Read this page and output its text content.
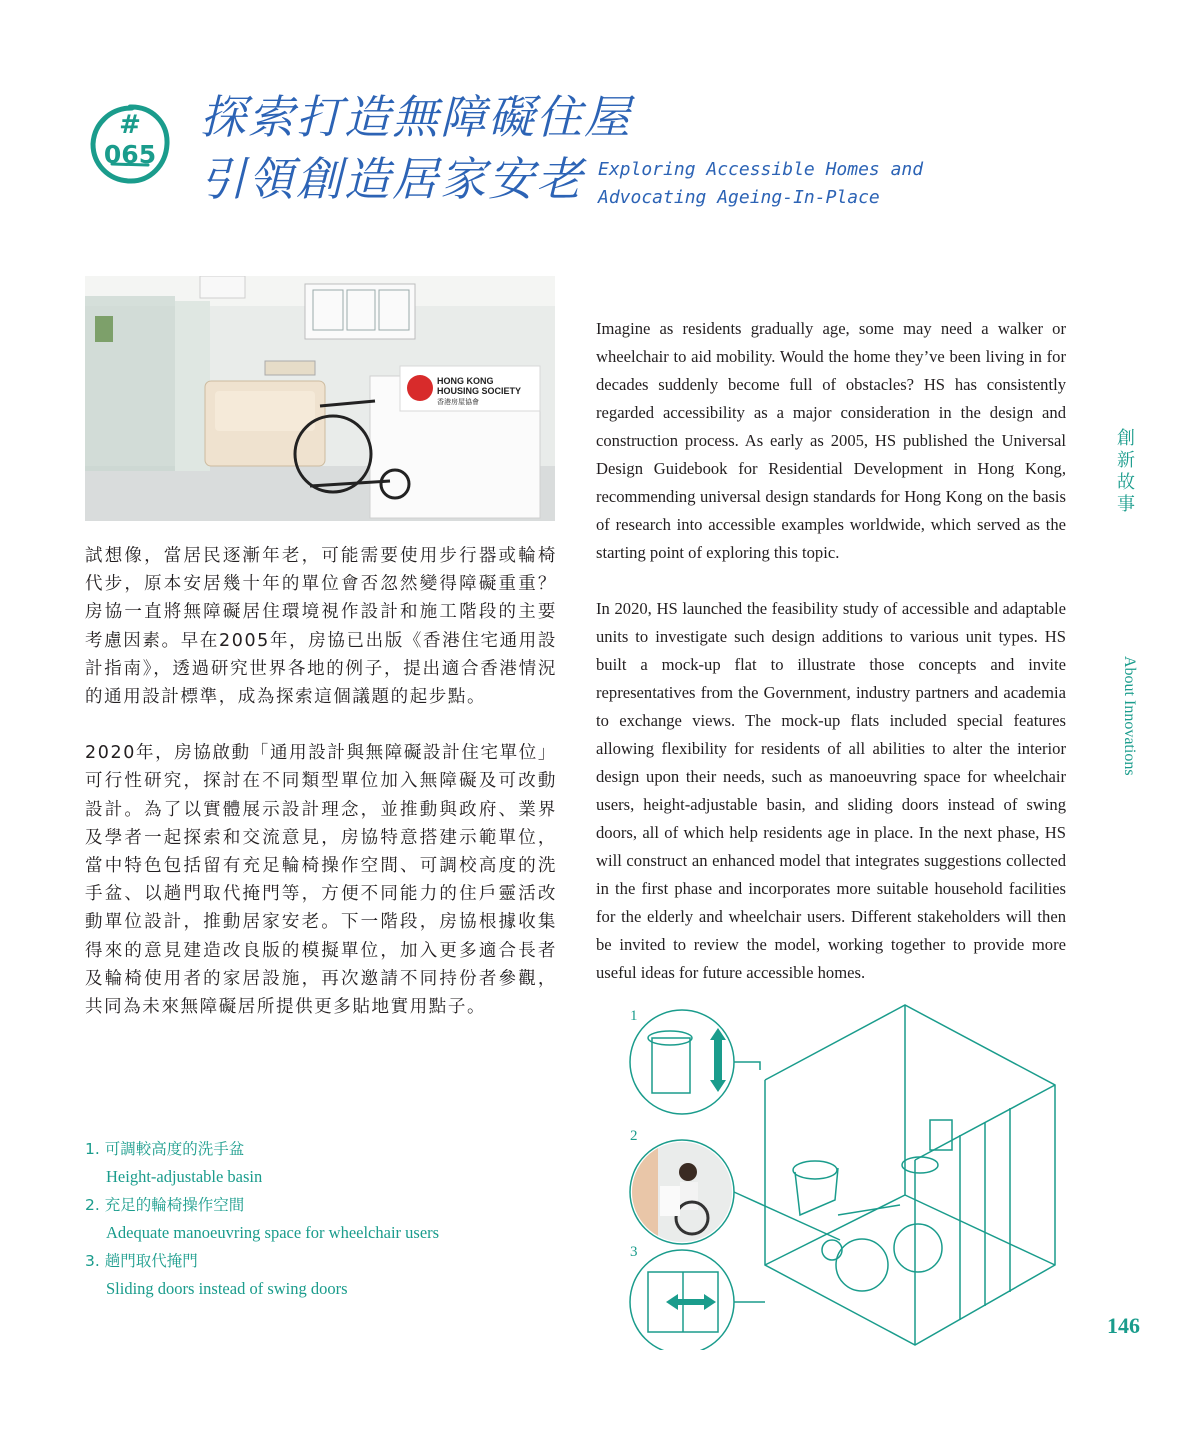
#
065
探索打造無障礙住屋
引領創造居家安老 Exploring Accessible Homes and
Advocating Ageing-In-Place
HONG KONG
HOUSING SOCIETY
香港房屋協會

試想像，當居民逐漸年老，可能需要使用步行器或輪椅代步，原本安居幾十年的單位會否忽然變得障礙重重？房協一直將無障礙居住環境視作設計和施工階段的主要考慮因素。早在2005年，房協已出版《香港住宅通用設計指南》，透過研究世界各地的例子，提出適合香港情況的通用設計標準，成為探索這個議題的起步點。

2020年，房協啟動「通用設計與無障礙設計住宅單位」可行性研究，探討在不同類型單位加入無障礙及可改動設計。為了以實體展示設計理念，並推動與政府、業界及學者一起探索和交流意見，房協特意搭建示範單位，當中特色包括留有充足輪椅操作空間、可調校高度的洗手盆、以趟門取代掩門等，方便不同能力的住戶靈活改動單位設計，推動居家安老。下一階段，房協根據收集得來的意見建造改良版的模擬單位，加入更多適合長者及輪椅使用者的家居設施，再次邀請不同持份者參觀，共同為未來無障礙居所提供更多貼地實用點子。

1. 可調較高度的洗手盆
Height-adjustable basin
2. 充足的輪椅操作空間
Adequate manoeuvring space for wheelchair users
3. 趟門取代掩門
Sliding doors instead of swing doors

Imagine as residents gradually age, some may need a walker or wheelchair to aid mobility. Would the home they’ve been living in for decades suddenly become full of obstacles? HS has consistently regarded accessibility as a major consideration in the design and construction process. As early as 2005, HS published the Universal Design Guidebook for Residential Development in Hong Kong, recommending universal design standards for Hong Kong on the basis of research into accessible examples worldwide, which served as the starting point of exploring this topic.

In 2020, HS launched the feasibility study of accessible and adaptable units to investigate such design additions to various unit types. HS built a mock-up flat to illustrate those concepts and invite representatives from the Government, industry partners and academia to exchange views. The mock-up flats included special features allowing flexibility for residents of all abilities to alter the interior design upon their needs, such as manoeuvring space for wheelchair users, height-adjustable basin, and sliding doors instead of swing doors, all of which help residents age in place. In the next phase, HS will construct an enhanced model that integrates suggestions collected in the first phase and incorporates more suitable household facilities for the elderly and wheelchair users. Different stakeholders will then be invited to review the model, working together to provide more useful ideas for future accessible homes.

1
2
3
創
新
故
事
About Innovations
146
